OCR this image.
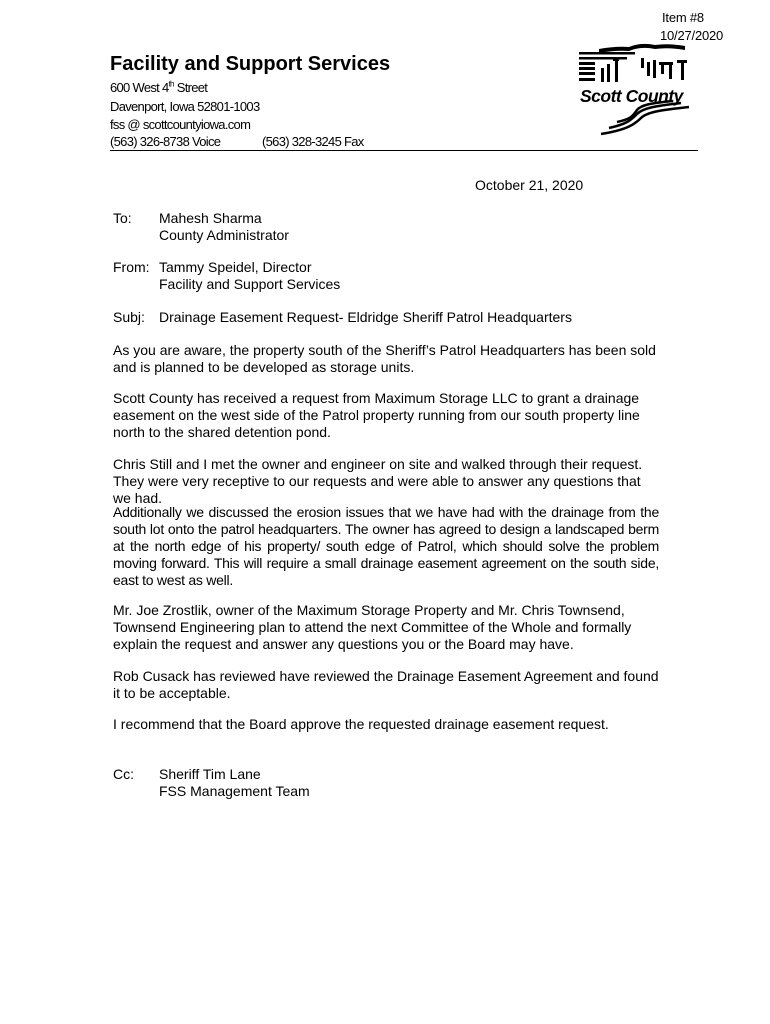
Item #8
10/27/2020
Facility and Support Services
600 West 4th Street
Davenport, Iowa 52801-1003
fss @ scottcountyiowa.com
(563) 326-8738 Voice	(563) 328-3245 Fax
Scott County
October 21, 2020
To: Mahesh Sharma
County Administrator
From: Tammy Speidel, Director
Facility and Support Services
Subj: Drainage Easement Request- Eldridge Sheriff Patrol Headquarters

As you are aware, the property south of the Sheriff’s Patrol Headquarters has been sold and is planned to be developed as storage units.

Scott County has received a request from Maximum Storage LLC to grant a drainage easement on the west side of the Patrol property running from our south property line north to the shared detention pond.

Chris Still and I met the owner and engineer on site and walked through their request. They were very receptive to our requests and were able to answer any questions that we had.

Additionally we discussed the erosion issues that we have had with the drainage from the south lot onto the patrol headquarters. The owner has agreed to design a landscaped berm at the north edge of his property/ south edge of Patrol, which should solve the problem moving forward. This will require a small drainage easement agreement on the south side, east to west as well.

Mr. Joe Zrostlik, owner of the Maximum Storage Property and Mr. Chris Townsend, Townsend Engineering plan to attend the next Committee of the Whole and formally explain the request and answer any questions you or the Board may have.

Rob Cusack has reviewed have reviewed the Drainage Easement Agreement and found it to be acceptable.

I recommend that the Board approve the requested drainage easement request.

Cc: Sheriff Tim Lane
FSS Management Team
